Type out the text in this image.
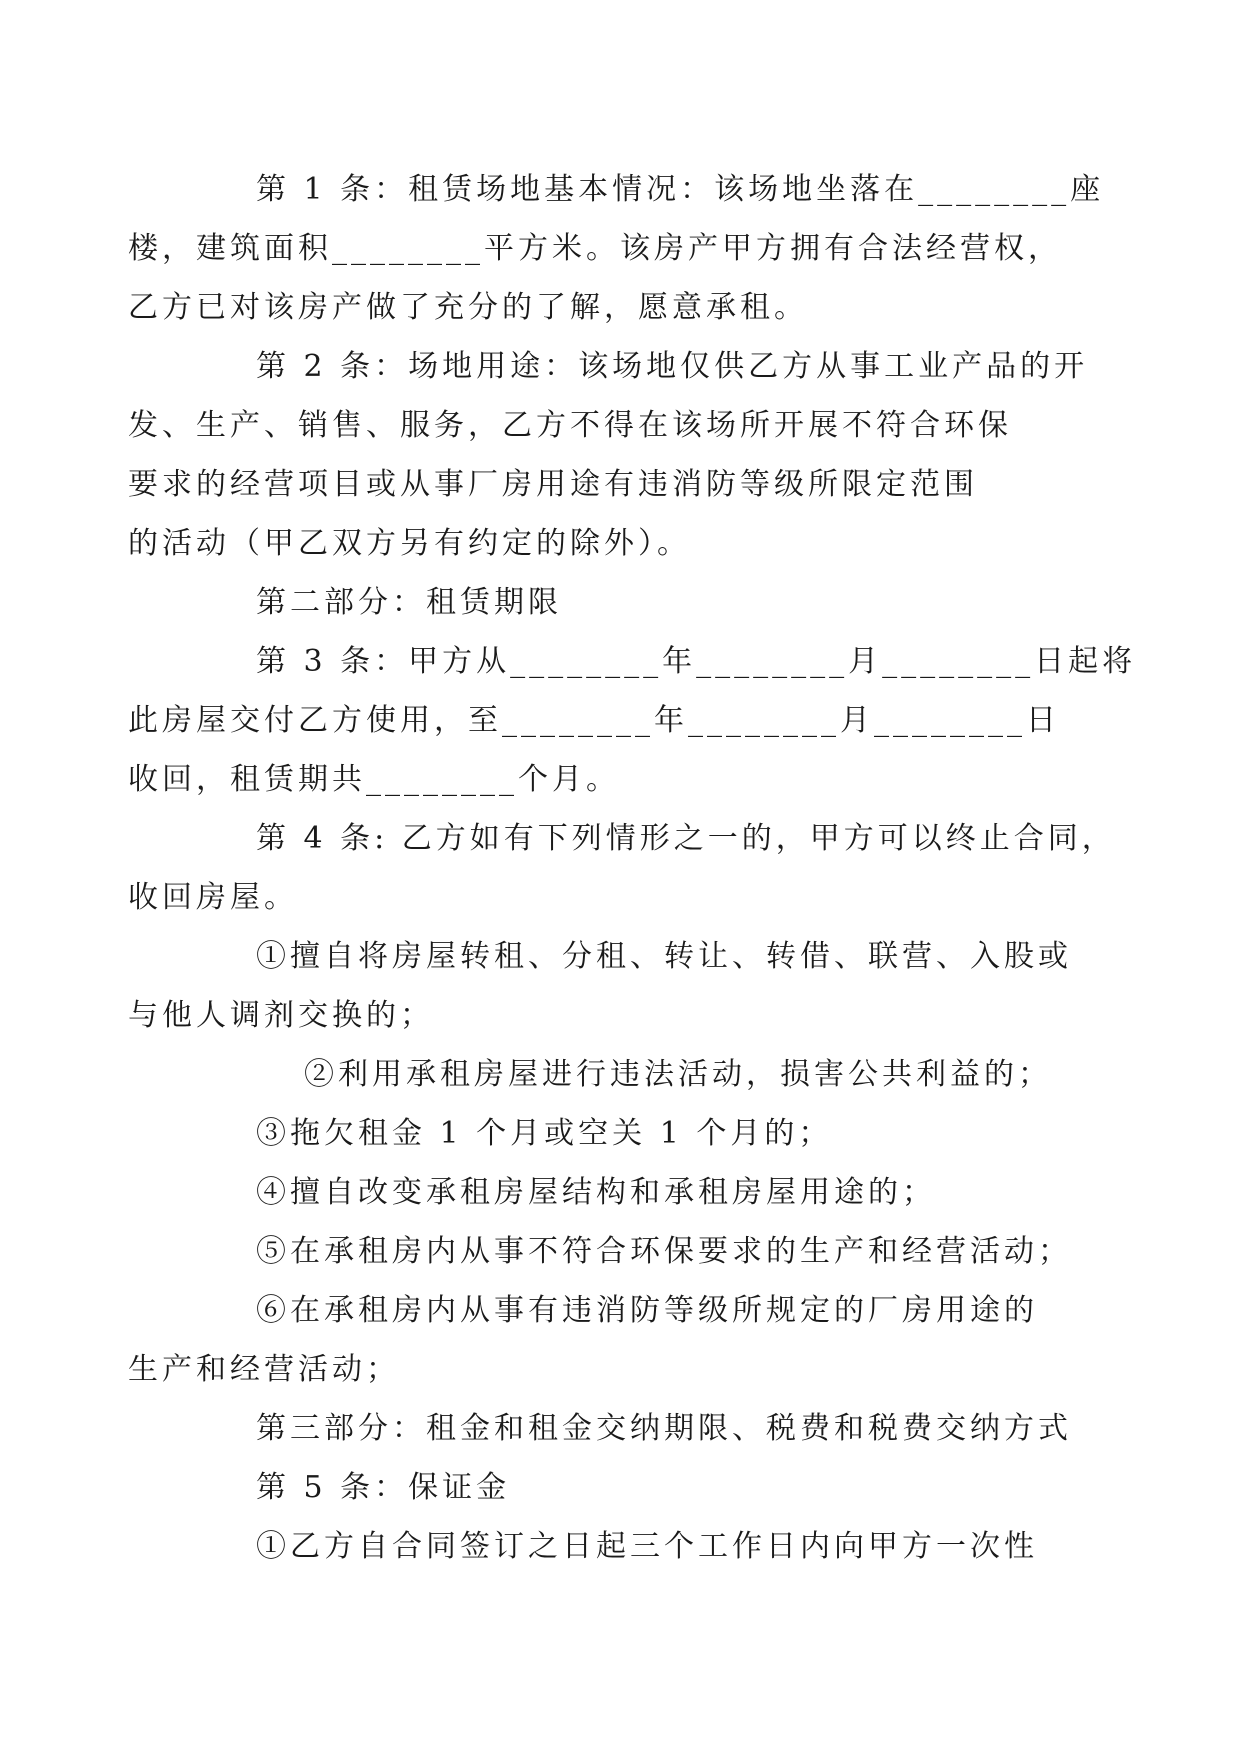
第 1 条：租赁场地基本情况：该场地坐落在________座
楼，建筑面积________平方米。该房产甲方拥有合法经营权，
乙方已对该房产做了充分的了解，愿意承租。

第 2 条：场地用途：该场地仅供乙方从事工业产品的开
发、生产、销售、服务，乙方不得在该场所开展不符合环保
要求的经营项目或从事厂房用途有违消防等级所限定范围
的活动（甲乙双方另有约定的除外）。

第二部分：租赁期限

第 3 条：甲方从________年________月________日起将
此房屋交付乙方使用，至________年________月________日
收回，租赁期共________个月。

第 4 条: 乙方如有下列情形之一的，甲方可以终止合同，
收回房屋。

①擅自将房屋转租、分租、转让、转借、联营、入股或
与他人调剂交换的；

②利用承租房屋进行违法活动，损害公共利益的；

③拖欠租金 1 个月或空关 1 个月的；

④擅自改变承租房屋结构和承租房屋用途的；

⑤在承租房内从事不符合环保要求的生产和经营活动；

⑥在承租房内从事有违消防等级所规定的厂房用途的
生产和经营活动；

第三部分：租金和租金交纳期限、税费和税费交纳方式

第 5 条：保证金

①乙方自合同签订之日起三个工作日内向甲方一次性
